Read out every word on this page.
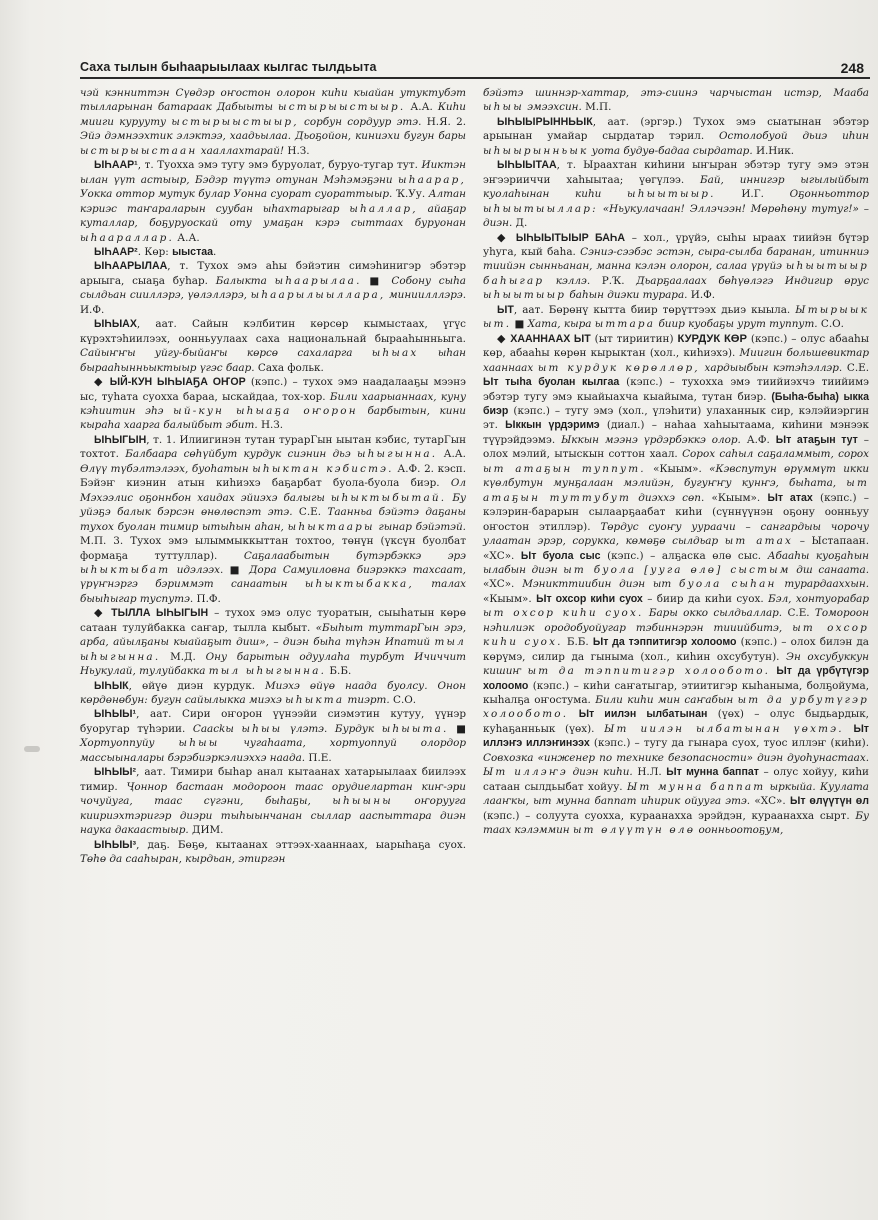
Саха тылын быһаарыылаах кылгас тылдьыта	248

чэй кэнниттэн Сүөдэр оҥостон олорон киһи кыайан утуктубэт тылларынан батараак Дабыыты ыстырыыстыыр. А.А. Киһи мииги курууту ыстырыыстыыр, сорбун сордуур этэ. Н.Я. 2. Эйэ дэмнээхтик элэктээ, хаадьылаа. Дьоҕойон, киниэхи бугун бары ыстырыыстаан хааллахтарай! Н.З.

ЫҺААР¹, т. Туохха эмэ тугу эмэ буруолат, буруо-тугар тут. Ииктэн ылан үүт астыыр, Бэдэр түүтэ отунан Мэһэмэҕэни ыһаарар, Уокка оттор мутук булар Уонна суорат суораттыыр. Ҡ.Уу. Алтан кэриэс таҥараларын суубан ыһахтарыгар ыһаллар, айаҕар куталлар, боҕуруоскай оту умаҕан кэрэ сыттаах буруонан ыһаараллар. А.А.

ЫҺААР². Көр: ыыстаа.

ЫҺААРЫЛАА, т. Тухох эмэ аһы бэйэтин симэһинигэр эбэтэр арыыга, сыаҕа буһар. Балыкта ыһаарылаа. ■ Собону сыһа сылдьан сииллэрэ, үөлэллэрэ, ыһаарылыыллара, миниилллэрэ. И.Ф.

ЫҺЫАХ, аат. Сайын кэлбитин көрсөр кымыстаах, үгүс күрэхтэһиилээх, оонньуулаах саха национальнай бырааһынньыга. Сайыҥҥы уйгу-быйаҥы көрсө сахаларга ыһыах ыһан бырааһынньыктыыр үгэс баар. Саха фольк.

◆ ЫЙ-КУН ЫҺЫАҔА ОҤОР (кэпс.) – тухох эмэ наадалааҕы мээнэ ыс, туһата суоххa бараа, ыскайдаа, тох-хор. Били хаарыаннаах, куну кэһиитин эһэ ый-кун ыһыаҕа оҥорон барбытын, кини кыраһа хаарга балыйбыт эбит. Н.З.

ЫҺЫГЫН, т. 1. Илиигинэн тутан турарГын ыытан кэбис, тутарГын тохтот. Балбаара сөһүйбут курдук сиэнин дьэ ыһыгынна. А.А. Өлүү түбэлтэлээх, буоһатын ыһыктан кэбистэ. А.Ф. 2. кэсп. Бэйэҥ киэнин атын киһиэхэ баҕарбат буола-буола биэр. Ол Мэхээлис оҕоннбон хаидах эйиэхэ балыгы ыһыктыбытай. Бу уйэҕэ балык бэрсэн өнөлөспэт этэ. С.Е. Таанньа бэйэтэ даҕаны тухох буолан тимир ытыһын аһан, ыһыктаары гынар бэйэтэй. М.П. 3. Тухох эмэ ылыммыккыттан тохтоо, төнүн (үксүн буолбат формаҕа туттуллар). Саҕалаабытын бүтэрбэккэ эрэ ыһыктыбат идэлээх. ■ Дора Самуиловна биэрэккэ тахсаат, үрүҥнэргэ бэриммэт санаатын ыһыктыбакка, талах быыһыгар туспутэ. П.Ф.

◆ ТЫЛЛА ЫҺЫГЫН – тухох эмэ олус туоратын, сыыһатын көрө сатаан тулуйбакка саҥар, тылла кыбыт. «Быһыт туттарГын эрэ, арба, айылҕаны кыайаҕыт диш», – диэн быһа түһэн Ипатий тыл ыһыгынна. М.Д. Ону барытын одуулаһа турбут Ичиччит Ньукулай, тулуйбакка тыл ыһыгынна. Б.Б.

ЫҺЫК, өйүө диэн курдук. Миэхэ өйүө наада буолсу. Онон көрдөнөбун: бугун сайылыкка миэхэ ыһыкта тиэрт. С.О.

ЫҺЫЫ¹, аат. Сири оҥорон үүнээйи сиэмэтин кутуу, үүнэр буоругар түһэрии. Саасkы ыһыы үлэтэ. Бурдук ыһыыта. ■ Хортуоппуйу ыһыы чугаһаата, хортуоппуй олордор массыыналары бэрэбиэркэлиэххэ наада. П.Е.

ЫҺЫЫ², аат. Тимири быһар анал кытаанах хатарыылаах биилээх тимир. Ҷоннор бастаан модороон таас орудиелартан киҥ-эри чочуйуга, таас сүгэни, быһаҕы, ыһыыны оҥорууга киириэхтэригэр диэри тыһыынчанан сыллар ааспыттара диэн наука дакаастыыр. ДИМ.

ЫҺЫЫ³, даҕ. Бөҕө, кытаанах эттээх-хааннаах, ыарыһаҕа суох. Төһө да сааһыран, кырдьан, этиргэн

бэйэтэ шиннэр-хаттар, этэ-сиинэ чарчыстан истэр, Мааба ыһыы эмээхсин. М.П.

ЫҺЫЫРЫННЬЫК, аат. (эргэр.) Тухох эмэ сыатынан эбэтэр арыынан умайар сырдатар тэрил. Остолобуой дьиэ иһин ыһыырынньык уота будуө-бадаа сырдатар. И.Ник.

ЫҺЫЫТАА, т. Ырaахтан киһини ыҥыран эбэтэр тугу эмэ этэн эҥээрииччи хаһыытаа; үөгүлээ. Бай, иннигэр ыгылыйбыт куолаһынан киһи ыһыытыыр. И.Г. Оҕонньоттор ыһыытыыллар: «Ньукулачаан! Эллэчээн! Мөрөһөну тутуг!» – диэн. Д.

◆ ЫҺЫЫТЫЫР БАҺА – хол., үрүйэ, сыһы ырaах тиийэн бүтэр уһуга, кый баһа. Сэниэ-сээбэс эстэн, сыра-сылба баранан, итинниэ тиийэн сынньанан, манна кэлэн олорон, салаа үрүйэ ыһыытыыр баһыгар кэллэ. Р.Ҡ. Дьарҕаалаах бөһүөлэгэ Индигир өрус ыһыытыыр баһын диэки турара. И.Ф.

ЫТ, аат. Бөрөнү кытта биир төрүттээх дьиэ кыыла. Ытырыык ыт. ■ Хата, кыра ыттара биир куобаҕы урут туппут. С.О.

◆ ХААННААХ ЫТ (ыт тириитин) КУРДУК КӨР (кэпс.) – олус абааһы көр, абааһы көрөн кырыктан (хол., киһиэхэ). Миигин большевиктар хааннаах ыт курдук көрөллөр, хардыыбын кэтэһэллэр. С.Е. Ыт тыһа буолан кылгаа (кэпс.) – тухохха эмэ тиийиэхчэ тиийимэ эбэтэр тугу эмэ кыайыахча кыайыма, тутан биэр. (Быһа-быһа) ыкка биэр (кэпс.) – тугу эмэ (хол., үлэһити) улаханнык сир, кэлэйиэргин эт. Ыккын үрдэримэ (диал.) – наһаа хаһыытаама, киһини мэнээк түүрэйдээмэ. Ыккын мээнэ үрдэрбэккэ олор. А.Ф. Ыт атаҕын тут – олох мэлий, ытыскын соттон хаал. Сорох саһыл саҕаламмыт, сорох ыт атаҕын туппут. «Кыым». «Кэвспутун өрүммүт икки күөлбутун мунҕалаан мэлийэн, бугуҥҥу кунҥэ, быһата, ыт атаҕын туттубут диэххэ сөп. «Кыым». Ыт атах (кэпс.) – кэлэрин-барарын сылаарҕаабат киһи (сүннүүнэн оҕону оонньуу оҥостон этиллэр). Төрдус суоҥу уураачи – сангардыы чорочу улаатан эрэр, сорукка, көмөҕө сылдьар ыт атах – Ыстапаан. «ХС». Ыт буола сыс (кэпс.) – алҕаска өлө сыс. Абааһы куоҕаһын ылабын диэн ыт буола [ууга өлө] сыстым дш санаата. «ХС». Мэникттиибин диэн ыт буола сыһан турардааххын. «Кыым». Ыт охсор киһи суох – биир да киһи суох. Бэл, хонтуорабар ыт охсор киһи суох. Бары окко сылдьаллар. С.Е. Томороон нэһилиэк ородобуойугар тэбиннэрэн тииийбитэ, ыт охсор киһи суох. Б.Б. Ыт да тэппитигэр холоомо (кэпс.) – олох билэн да көрүмэ, силир да гыныма (хол., киһин охсубутун). Эн охсубуккун кишиҥ ыт да тэппитигэр холообото. Ыт да үрбүтүгэр холоомо (кэпс.) – киһи саҥатыгар, этиитигэр кыһаныма, болҕойума, кыһалҕа оҥостума. Били киһи мин саҥабын ыт да урбутүгэр холообото. Ыт иилэн ылбатынан (үөх) – олус быдьардык, куһаҕанньык (үөх). Ыт иилэн ылбатынан үөхтэ. Ыт иллэҥэ иллэҥинээх (кэпс.) – тугу да гынара суох, туос иллэҥ (киһи). Совхозка «инженер по технике безопасности» диэн дуоһунастаах. Ыт иллэҥэ диэн киһи. Н.Л. Ыт мунна баппат – олус хойуу, киһи сатаан сылдьыбат хойуу. Ыт мунна баппат ыркыйа. Куулата лааҥкы, ыт мунна баппат иһирик ойууга этэ. «ХС». Ыт өлүүтүн өл (кэпс.) – солуута суоххa, кураанахха эрэйдэн, кураанахха сырт. Бу таах кэлэммин ыт өлүүтүн өлө оонньоотоҕум,
